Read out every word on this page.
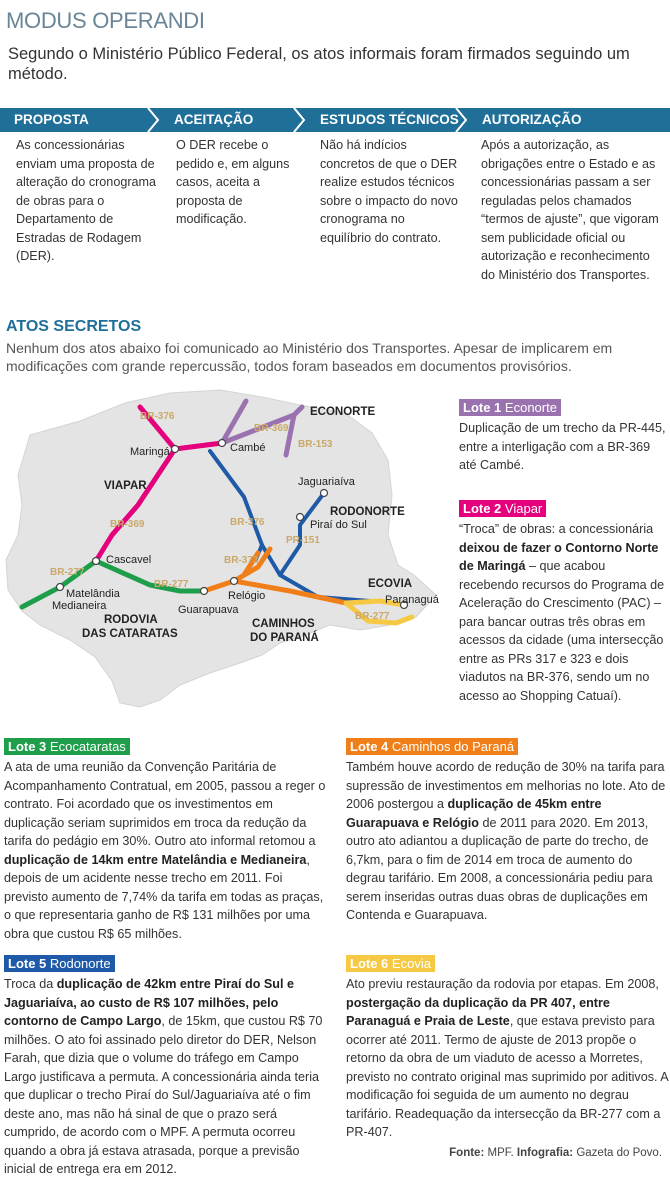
MODUS OPERANDI
Segundo o Ministério Público Federal, os atos informais foram firmados seguindo um método.
PROPOSTA	ACEITAÇÃO	ESTUDOS TÉCNICOS	AUTORIZAÇÃO
As concessionárias enviam uma proposta de alteração do cronograma de obras para o Departamento de Estradas de Rodagem (DER).
O DER recebe o pedido e, em alguns casos, aceita a proposta de modificação.
Não há indícios concretos de que o DER realize estudos técnicos sobre o impacto do novo cronograma no equilíbrio do contrato.
Após a autorização, as obrigações entre o Estado e as concessionárias passam a ser reguladas pelos chamados “termos de ajuste”, que vigoram sem publicidade oficial ou autorização e reconhecimento do Ministério dos Transportes.
ATOS SECRETOS
Nenhum dos atos abaixo foi comunicado ao Ministério dos Transportes. Apesar de implicarem em modificações com grande repercussão, todos foram baseados em documentos provisórios.
BR-376
BR-369
BR-153
BR-376
BR-369
PR-151
BR-277
BR-277
BR-373
BR-277
Maringá	Cambé
Jaguariaíva
Piraí do Sul
Cascavel
Matelândia
Medianeira	Guarapuava
Relógio	Paranaguá
ECONORTE
VIAPAR
RODONORTE
ECOVIA
RODOVIA
DAS CATARATAS
CAMINHOS
DO PARANÁ
Lote 1 Econorte

Duplicação de um trecho da PR-445, entre a interligação com a BR-369 até Cambé.

Lote 2 Viapar

“Troca” de obras: a concessionária deixou de fazer o Contorno Norte de Maringá – que acabou recebendo recursos do Programa de Aceleração do Crescimento (PAC) – para bancar outras três obras em acessos da cidade (uma intersecção entre as PRs 317 e 323 e dois viadutos na BR-376, sendo um no acesso ao Shopping Catuaí).

Lote 3 Ecocataratas

A ata de uma reunião da Convenção Paritária de Acompanhamento Contratual, em 2005, passou a reger o contrato. Foi acordado que os investimentos em duplicação seriam suprimidos em troca da redução da tarifa do pedágio em 30%. Outro ato informal retomou a duplicação de 14km entre Matelândia e Medianeira, depois de um acidente nesse trecho em 2011. Foi previsto aumento de 7,74% da tarifa em todas as praças, o que representaria ganho de R$ 131 milhões por uma obra que custou R$ 65 milhões.

Lote 4 Caminhos do Paraná

Também houve acordo de redução de 30% na tarifa para supressão de investimentos em melhorias no lote. Ato de 2006 postergou a duplicação de 45km entre Guarapuava e Relógio de 2011 para 2020. Em 2013, outro ato adiantou a duplicação de parte do trecho, de 6,7km, para o fim de 2014 em troca de aumento do degrau tarifário. Em 2008, a concessionária pediu para serem inseridas outras duas obras de duplicações em Contenda e Guarapuava.

Lote 5 Rodonorte

Troca da duplicação de 42km entre Piraí do Sul e Jaguariaíva, ao custo de R$ 107 milhões, pelo contorno de Campo Largo, de 15km, que custou R$ 70 milhões. O ato foi assinado pelo diretor do DER, Nelson Farah, que dizia que o volume do tráfego em Campo Largo justificava a permuta. A concessionária ainda teria que duplicar o trecho Piraí do Sul/Jaguariaíva até o fim deste ano, mas não há sinal de que o prazo será cumprido, de acordo com o MPF. A permuta ocorreu quando a obra já estava atrasada, porque a previsão inicial de entrega era em 2012.

Lote 6 Ecovia

Ato previu restauração da rodovia por etapas. Em 2008, postergação da duplicação da PR 407, entre Paranaguá e Praia de Leste, que estava previsto para ocorrer até 2011. Termo de ajuste de 2013 propõe o retorno da obra de um viaduto de acesso a Morretes, previsto no contrato original mas suprimido por aditivos. A modificação foi seguida de um aumento no degrau tarifário. Readequação da intersecção da BR-277 com a PR-407.

Fonte: MPF. Infografia: Gazeta do Povo.
